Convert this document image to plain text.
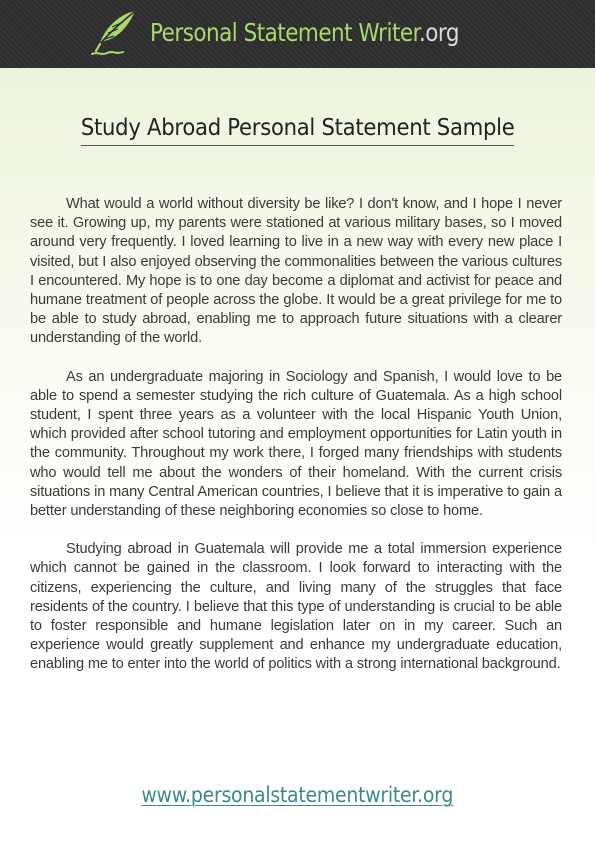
Personal Statement Writer.org
Study Abroad Personal Statement Sample

What would a world without diversity be like? I don't know, and I hope I never see it. Growing up, my parents were stationed at various military bases, so I moved around very frequently. I loved learning to live in a new way with every new place I visited, but I also enjoyed observing the commonalities between the various cultures I encountered. My hope is to one day become a diplomat and activist for peace and humane treatment of people across the globe. It would be a great privilege for me to be able to study abroad, enabling me to approach future situations with a clearer understanding of the world.

As an undergraduate majoring in Sociology and Spanish, I would love to be able to spend a semester studying the rich culture of Guatemala. As a high school student, I spent three years as a volunteer with the local Hispanic Youth Union, which provided after school tutoring and employment opportunities for Latin youth in the community. Throughout my work there, I forged many friendships with students who would tell me about the wonders of their homeland. With the current crisis situations in many Central American countries, I believe that it is imperative to gain a better understanding of these neighboring economies so close to home.

Studying abroad in Guatemala will provide me a total immersion experience which cannot be gained in the classroom. I look forward to interacting with the citizens, experiencing the culture, and living many of the struggles that face residents of the country. I believe that this type of understanding is crucial to be able to foster responsible and humane legislation later on in my career. Such an experience would greatly supplement and enhance my undergraduate education, enabling me to enter into the world of politics with a strong international background.

www.personalstatementwriter.org
